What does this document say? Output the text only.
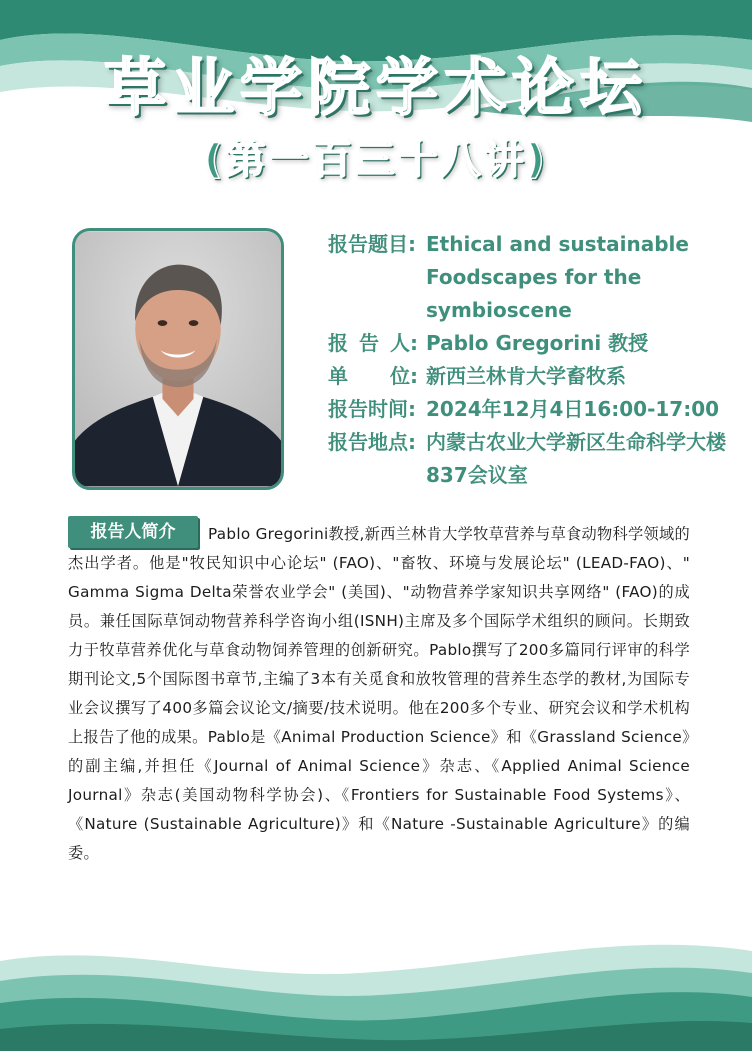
草业学院学术论坛
(第一百三十八讲)
报告题目: Ethical and sustainable Foodscapes for the symbioscene
报 告 人: Pablo Gregorini 教授
单 位: 新西兰林肯大学畜牧系
报告时间: 2024年12月4日16:00-17:00
报告地点: 内蒙古农业大学新区生命科学大楼837会议室
Pablo Gregorini教授,新西兰林肯大学牧草营养与草食动物科学领域的杰出学者。他是"牧民知识中心论坛" (FAO)、"畜牧、环境与发展论坛" (LEAD-FAO)、" Gamma Sigma Delta荣誉农业学会" (美国)、"动物营养学家知识共享网络" (FAO)的成员。兼任国际草饲动物营养科学咨询小组(ISNH)主席及多个国际学术组织的顾问。长期致力于牧草营养优化与草食动物饲养管理的创新研究。Pablo撰写了200多篇同行评审的科学期刊论文,5个国际图书章节,主编了3本有关觅食和放牧管理的营养生态学的教材,为国际专业会议撰写了400多篇会议论文/摘要/技术说明。他在200多个专业、研究会议和学术机构上报告了他的成果。Pablo是《Animal Production Science》和《Grassland Science》的副主编,并担任《Journal of Animal Science》杂志、《Applied Animal Science Journal》杂志(美国动物科学协会)、《Frontiers for Sustainable Food Systems》、《Nature (Sustainable Agriculture)》和《Nature -Sustainable Agriculture》的编委。
报告人简介
